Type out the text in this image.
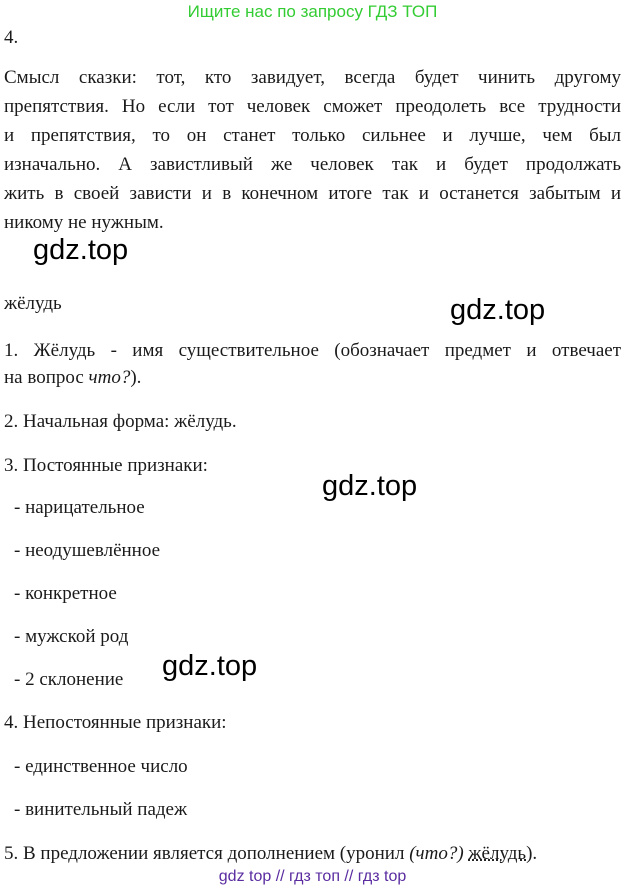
Ищите нас по запросу ГДЗ ТОП
4.
Смысл сказки: тот, кто завидует, всегда будет чинить другому
препятствия. Но если тот человек сможет преодолеть все трудности
и препятствия, то он станет только сильнее и лучше, чем был
изначально. А завистливый же человек так и будет продолжать
жить в своей зависти и в конечном итоге так и останется забытым и
никому не нужным.
gdz.top
жёлудь	gdz.top
1. Жёлудь - имя существительное (обозначает предмет и отвечает
на вопрос что?).
2. Начальная форма: жёлудь.
3. Постоянные признаки:
gdz.top
- нарицательное
- неодушевлённое
- конкретное
- мужской род
gdz.top
- 2 склонение
4. Непостоянные признаки:
- единственное число
- винительный падеж
5. В предложении является дополнением (уронил (что?) жёлудь).
gdz top // гдз топ // гдз top
